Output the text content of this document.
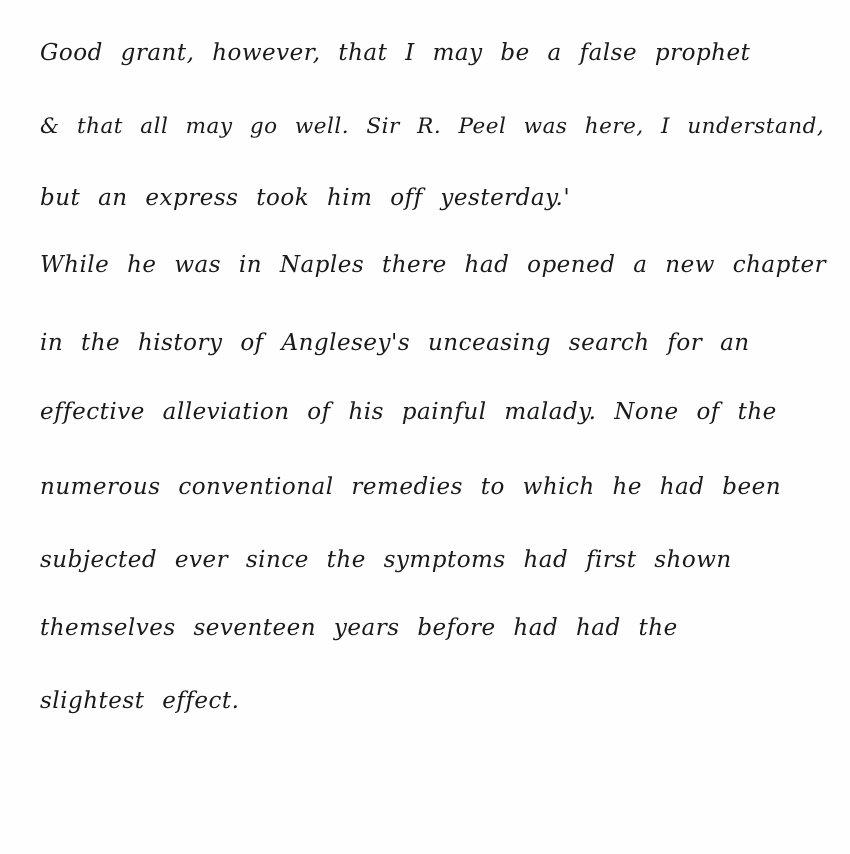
Good grant, however, that I may be a false prophet
& that all may go well. Sir R. Peel was here, I understand,
but an express took him off yesterday.'
While he was in Naples there had opened a new chapter
in the history of Anglesey's unceasing search for an
effective alleviation of his painful malady. None of the
numerous conventional remedies to which he had been
subjected ever since the symptoms had first shown
themselves seventeen years before had had the
slightest effect.
